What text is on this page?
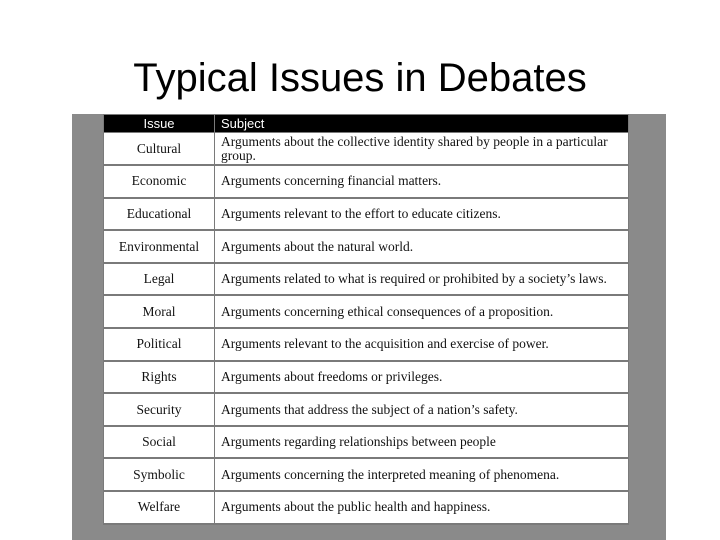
Typical Issues in Debates
Issue	Subject
Cultural	Arguments about the collective identity shared by people in a particular group.
Economic	Arguments concerning financial matters.
Educational	Arguments relevant to the effort to educate citizens.
Environmental	Arguments about the natural world.
Legal	Arguments related to what is required or prohibited by a society’s laws.
Moral	Arguments concerning ethical consequences of a proposition.
Political	Arguments relevant to the acquisition and exercise of power.
Rights	Arguments about freedoms or privileges.
Security	Arguments that address the subject of a nation’s safety.
Social	Arguments regarding relationships between people
Symbolic	Arguments concerning the interpreted meaning of phenomena.
Welfare	Arguments about the public health and happiness.
